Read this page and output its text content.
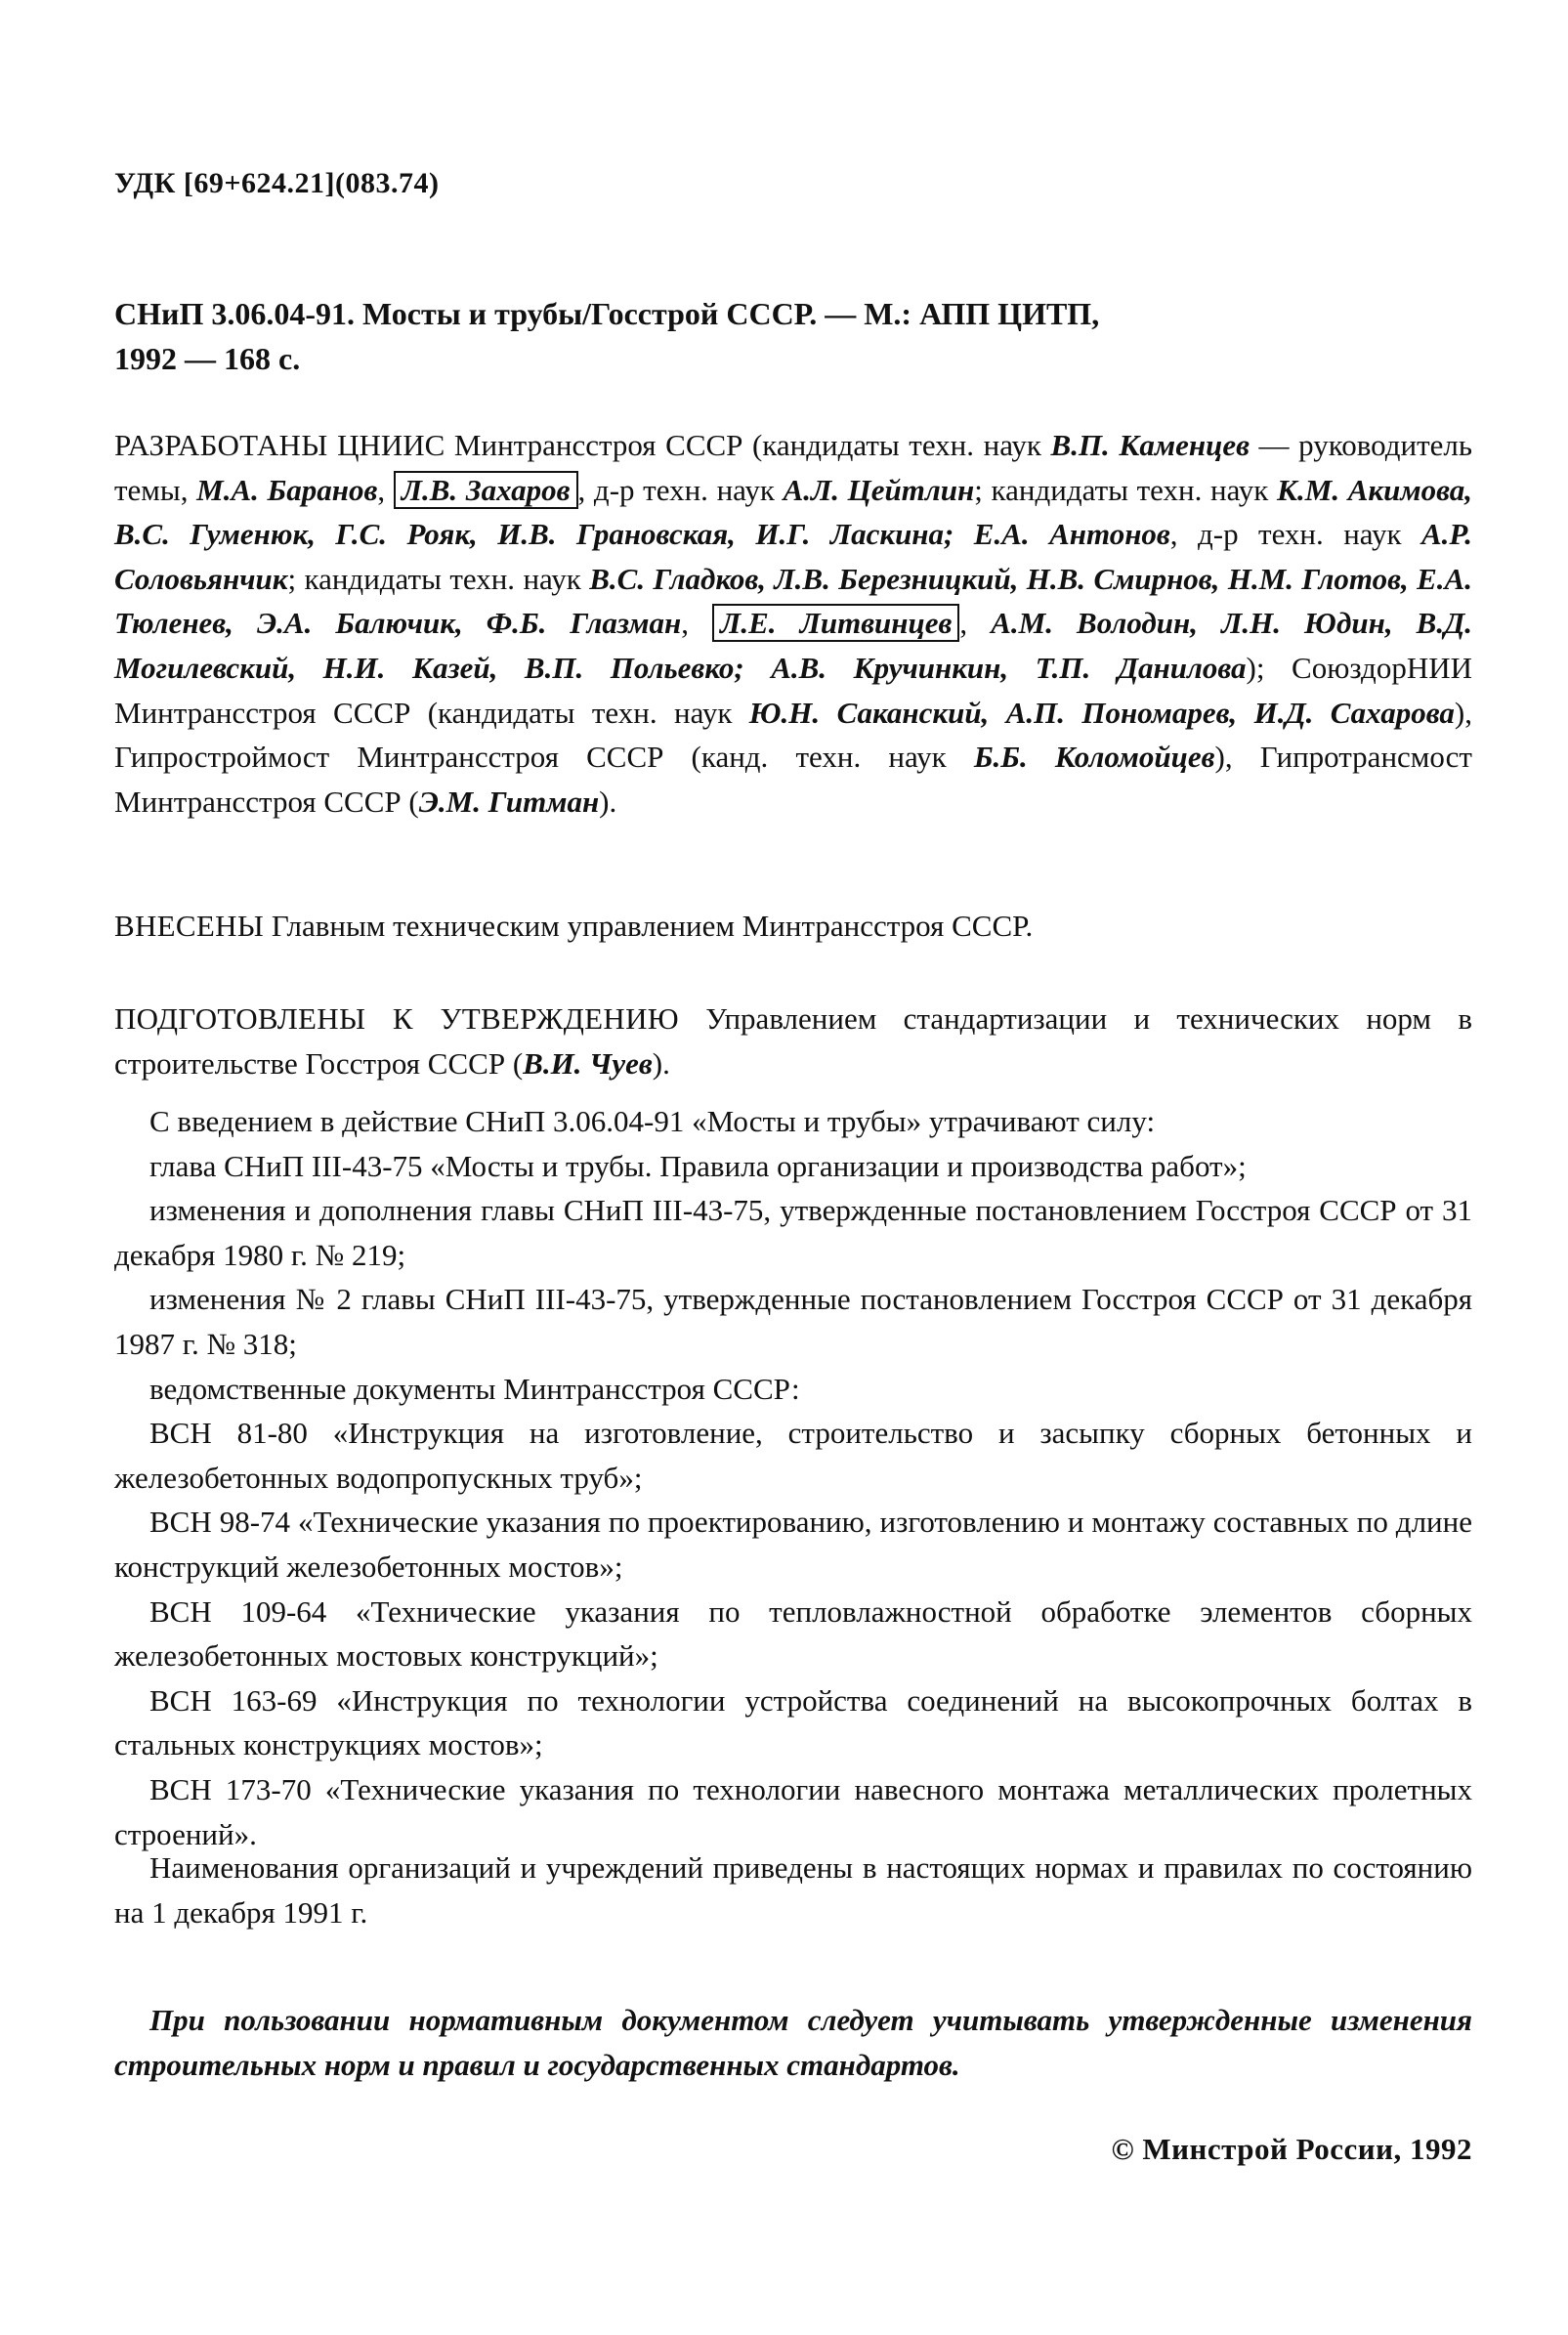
УДК [69+624.21](083.74)
СНиП 3.06.04-91. Мосты и трубы/Госстрой СССР. — М.: АПП ЦИТП,
1992 — 168 с.
РАЗРАБОТАНЫ ЦНИИС Минтрансстроя СССР (кандидаты техн. наук В.П. Каменцев — руководитель темы, М.А. Баранов, Л.В. Захаров , д-р техн. наук А.Л. Цейтлин; кандидаты техн. наук К.М. Акимова, В.С. Гуменюк, Г.С. Рояк, И.В. Грановская, И.Г. Ласкина; Е.А. Антонов, д-р техн. наук А.Р. Соловьянчик; кандидаты техн. наук В.С. Гладков, Л.В. Березницкий, Н.В. Смирнов, Н.М. Глотов, Е.А. Тюленев, Э.А. Балючик, Ф.Б. Глазман, Л.Е. Литвинцев , А.М. Володин, Л.Н. Юдин, В.Д. Могилевский, Н.И. Казей, В.П. Польевко; А.В. Кручинкин, Т.П. Данилова); СоюздорНИИ Минтрансстроя СССР (кандидаты техн. наук Ю.Н. Саканский, А.П. Пономарев, И.Д. Сахарова), Гипростроймост Минтрансстроя СССР (канд. техн. наук Б.Б. Коломойцев), Гипротрансмост Минтрансстроя СССР (Э.М. Гитман).
ВНЕСЕНЫ Главным техническим управлением Минтрансстроя СССР.
ПОДГОТОВЛЕНЫ К УТВЕРЖДЕНИЮ Управлением стандартизации и технических норм в строительстве Госстроя СССР (В.И. Чуев).
С введением в действие СНиП 3.06.04-91 «Мосты и трубы» утрачивают силу:
глава СНиП III-43-75 «Мосты и трубы. Правила организации и производства работ»;
изменения и дополнения главы СНиП III-43-75, утвержденные постановлением Госстроя СССР от 31 декабря 1980 г. № 219;
изменения № 2 главы СНиП III-43-75, утвержденные постановлением Госстроя СССР от 31 декабря 1987 г. № 318;
ведомственные документы Минтрансстроя СССР:
ВСН 81-80 «Инструкция на изготовление, строительство и засыпку сборных бетонных и железобетонных водопропускных труб»;
ВСН 98-74 «Технические указания по проектированию, изготовлению и монтажу составных по длине конструкций железобетонных мостов»;
ВСН 109-64 «Технические указания по тепловлажностной обработке элементов сборных железобетонных мостовых конструкций»;
ВСН 163-69 «Инструкция по технологии устройства соединений на высокопрочных болтах в стальных конструкциях мостов»;
ВСН 173-70 «Технические указания по технологии навесного монтажа металлических пролетных строений».
Наименования организаций и учреждений приведены в настоящих нормах и правилах по состоянию на 1 декабря 1991 г.
При пользовании нормативным документом следует учитывать утвержденные изменения строительных норм и правил и государственных стандартов.
© Минстрой России, 1992
